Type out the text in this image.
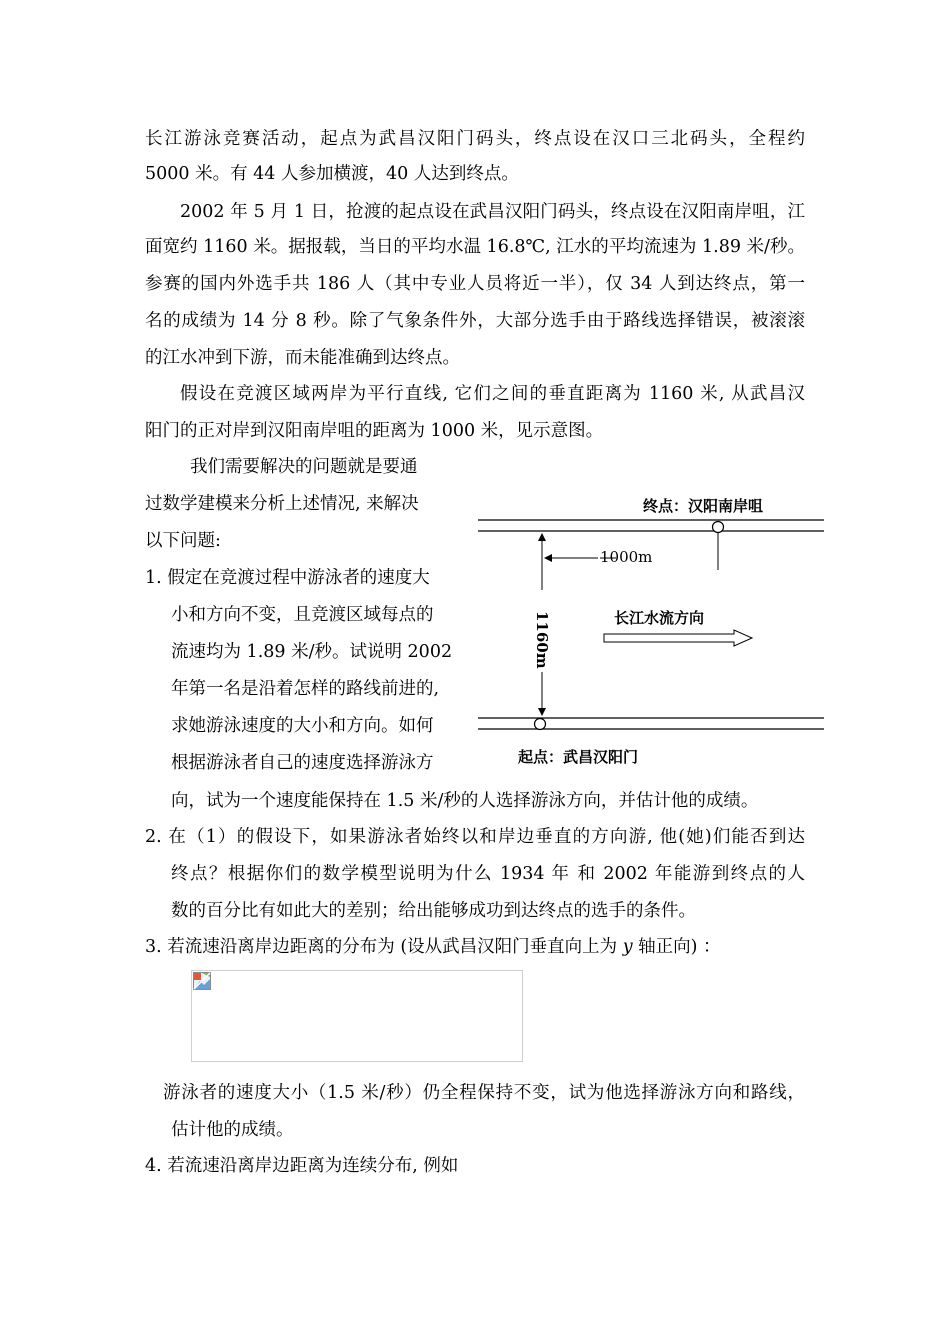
长江游泳竞赛活动，起点为武昌汉阳门码头，终点设在汉口三北码头，全程约
5000 米。有 44 人参加横渡，40 人达到终点。
2002 年 5 月 1 日，抢渡的起点设在武昌汉阳门码头，终点设在汉阳南岸咀，江
面宽约 1160 米。据报载，当日的平均水温 16.8℃, 江水的平均流速为 1.89 米/秒。
参赛的国内外选手共 186 人（其中专业人员将近一半），仅 34 人到达终点，第一
名的成绩为 14 分 8 秒。除了气象条件外，大部分选手由于路线选择错误，被滚滚
的江水冲到下游，而未能准确到达终点。
假设在竞渡区域两岸为平行直线, 它们之间的垂直距离为 1160 米, 从武昌汉
阳门的正对岸到汉阳南岸咀的距离为 1000 米，见示意图。
我们需要解决的问题就是要通
过数学建模来分析上述情况, 来解决
以下问题:
1. 假定在竞渡过程中游泳者的速度大
小和方向不变，且竞渡区域每点的
流速均为 1.89 米/秒。试说明 2002
年第一名是沿着怎样的路线前进的,
求她游泳速度的大小和方向。如何
根据游泳者自己的速度选择游泳方
向，试为一个速度能保持在 1.5 米/秒的人选择游泳方向，并估计他的成绩。
2. 在（1）的假设下，如果游泳者始终以和岸边垂直的方向游, 他(她)们能否到达
终点？根据你们的数学模型说明为什么 1934 年 和 2002 年能游到终点的人
数的百分比有如此大的差别；给出能够成功到达终点的选手的条件。
3. 若流速沿离岸边距离的分布为 (设从武昌汉阳门垂直向上为 y 轴正向) ：
游泳者的速度大小（1.5 米/秒）仍全程保持不变，试为他选择游泳方向和路线，
估计他的成绩。
4. 若流速沿离岸边距离为连续分布, 例如
终点：汉阳南岸咀
起点：武昌汉阳门
长江水流方向
1000m
1160m
